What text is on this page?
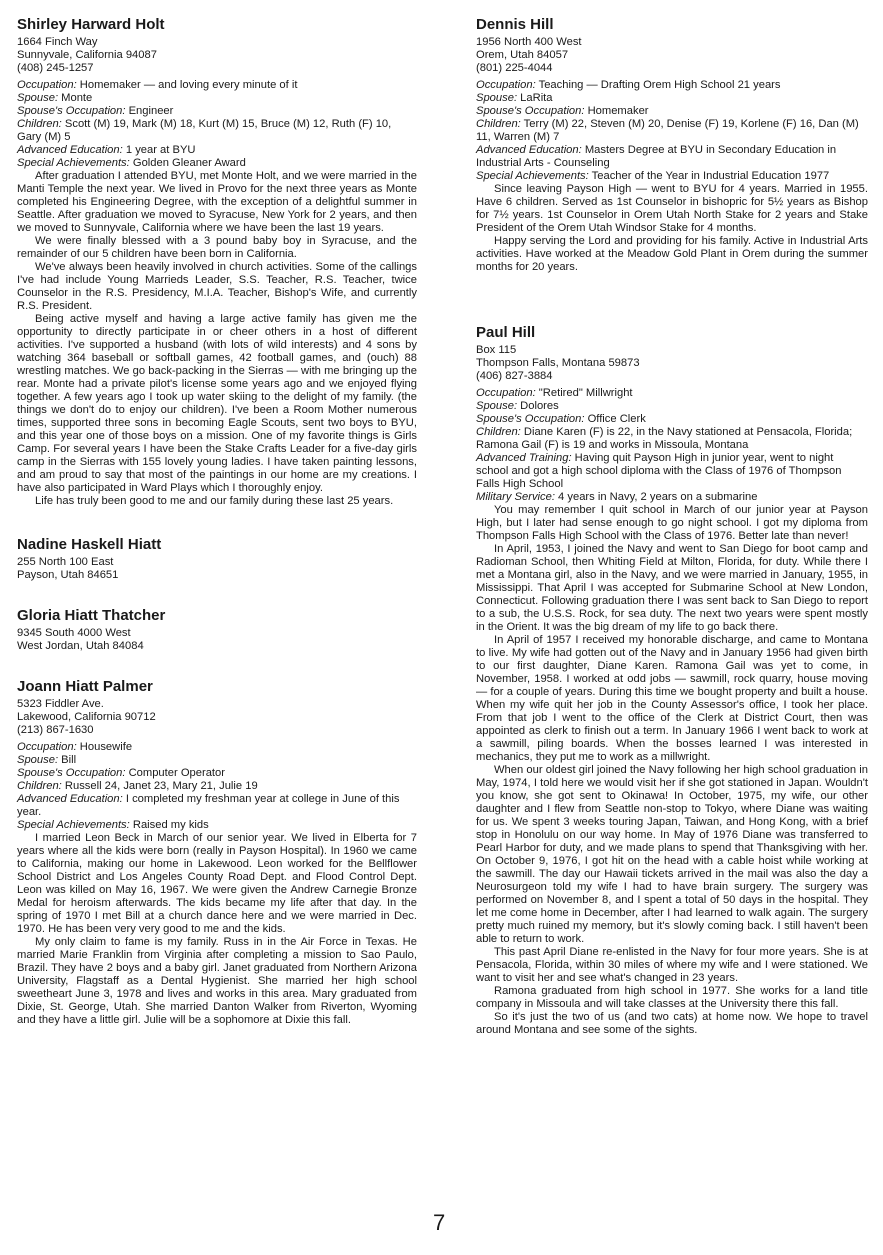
Shirley Harward Holt
1664 Finch Way
Sunnyvale, California 94087
(408) 245-1257
Occupation: Homemaker — and loving every minute of it
Spouse: Monte
Spouse's Occupation: Engineer
Children: Scott (M) 19, Mark (M) 18, Kurt (M) 15, Bruce (M) 12, Ruth (F) 10, Gary (M) 5
Advanced Education: 1 year at BYU
Special Achievements: Golden Gleaner Award

After graduation I attended BYU, met Monte Holt, and we were married in the Manti Temple the next year. We lived in Provo for the next three years as Monte completed his Engineering Degree, with the exception of a delightful summer in Seattle. After graduation we moved to Syracuse, New York for 2 years, and then we moved to Sunnyvale, California where we have been the last 19 years.

We were finally blessed with a 3 pound baby boy in Syracuse, and the remainder of our 5 children have been born in California.

We've always been heavily involved in church activities. Some of the callings I've had include Young Marrieds Leader, S.S. Teacher, R.S. Teacher, twice Counselor in the R.S. Presidency, M.I.A. Teacher, Bishop's Wife, and currently R.S. President.

Being active myself and having a large active family has given me the opportunity to directly participate in or cheer others in a host of different activities. I've supported a husband (with lots of wild interests) and 4 sons by watching 364 baseball or softball games, 42 football games, and (ouch) 88 wrestling matches. We go back-packing in the Sierras — with me bringing up the rear. Monte had a private pilot's license some years ago and we enjoyed flying together. A few years ago I took up water skiing to the delight of my family. (the things we don't do to enjoy our children). I've been a Room Mother numerous times, supported three sons in becoming Eagle Scouts, sent two boys to BYU, and this year one of those boys on a mission. One of my favorite things is Girls Camp. For several years I have been the Stake Crafts Leader for a five-day girls camp in the Sierras with 155 lovely young ladies. I have taken painting lessons, and am proud to say that most of the paintings in our home are my creations. I have also participated in Ward Plays which I thoroughly enjoy.

Life has truly been good to me and our family during these last 25 years.

Nadine Haskell Hiatt
255 North 100 East
Payson, Utah 84651
Gloria Hiatt Thatcher
9345 South 4000 West
West Jordan, Utah 84084
Joann Hiatt Palmer
5323 Fiddler Ave.
Lakewood, California 90712
(213) 867-1630
Occupation: Housewife
Spouse: Bill
Spouse's Occupation: Computer Operator
Children: Russell 24, Janet 23, Mary 21, Julie 19
Advanced Education: I completed my freshman year at college in June of this year.
Special Achievements: Raised my kids

I married Leon Beck in March of our senior year. We lived in Elberta for 7 years where all the kids were born (really in Payson Hospital). In 1960 we came to California, making our home in Lakewood. Leon worked for the Bellflower School District and Los Angeles County Road Dept. and Flood Control Dept. Leon was killed on May 16, 1967. We were given the Andrew Carnegie Bronze Medal for heroism afterwards. The kids became my life after that day. In the spring of 1970 I met Bill at a church dance here and we were married in Dec. 1970. He has been very very good to me and the kids.

My only claim to fame is my family. Russ in in the Air Force in Texas. He married Marie Franklin from Virginia after completing a mission to Sao Paulo, Brazil. They have 2 boys and a baby girl. Janet graduated from Northern Arizona University, Flagstaff as a Dental Hygienist. She married her high school sweetheart June 3, 1978 and lives and works in this area. Mary graduated from Dixie, St. George, Utah. She married Danton Walker from Riverton, Wyoming and they have a little girl. Julie will be a sophomore at Dixie this fall.

Dennis Hill
1956 North 400 West
Orem, Utah 84057
(801) 225-4044
Occupation: Teaching — Drafting Orem High School 21 years
Spouse: LaRita
Spouse's Occupation: Homemaker
Children: Terry (M) 22, Steven (M) 20, Denise (F) 19, Korlene (F) 16, Dan (M) 11, Warren (M) 7
Advanced Education: Masters Degree at BYU in Secondary Education in Industrial Arts - Counseling
Special Achievements: Teacher of the Year in Industrial Education 1977

Since leaving Payson High — went to BYU for 4 years. Married in 1955. Have 6 children. Served as 1st Counselor in bishopric for 5½ years as Bishop for 7½ years. 1st Counselor in Orem Utah North Stake for 2 years and Stake President of the Orem Utah Windsor Stake for 4 months.

Happy serving the Lord and providing for his family. Active in Industrial Arts activities. Have worked at the Meadow Gold Plant in Orem during the summer months for 20 years.

Paul Hill
Box 115
Thompson Falls, Montana 59873
(406) 827-3884
Occupation: "Retired" Millwright
Spouse: Dolores
Spouse's Occupation: Office Clerk
Children: Diane Karen (F) is 22, in the Navy stationed at Pensacola, Florida; Ramona Gail (F) is 19 and works in Missoula, Montana
Advanced Training: Having quit Payson High in junior year, went to night school and got a high school diploma with the Class of 1976 of Thompson Falls High School
Military Service: 4 years in Navy, 2 years on a submarine

You may remember I quit school in March of our junior year at Payson High, but I later had sense enough to go night school. I got my diploma from Thompson Falls High School with the Class of 1976. Better late than never!

In April, 1953, I joined the Navy and went to San Diego for boot camp and Radioman School, then Whiting Field at Milton, Florida, for duty. While there I met a Montana girl, also in the Navy, and we were married in January, 1955, in Mississippi. That April I was accepted for Submarine School at New London, Connecticut. Following graduation there I was sent back to San Diego to report to a sub, the U.S.S. Rock, for sea duty. The next two years were spent mostly in the Orient. It was the big dream of my life to go back there.

In April of 1957 I received my honorable discharge, and came to Montana to live. My wife had gotten out of the Navy and in January 1956 had given birth to our first daughter, Diane Karen. Ramona Gail was yet to come, in November, 1958. I worked at odd jobs — sawmill, rock quarry, house moving — for a couple of years. During this time we bought property and built a house. When my wife quit her job in the County Assessor's office, I took her place. From that job I went to the office of the Clerk at District Court, then was appointed as clerk to finish out a term. In January 1966 I went back to work at a sawmill, piling boards. When the bosses learned I was interested in mechanics, they put me to work as a millwright.

When our oldest girl joined the Navy following her high school graduation in May, 1974, I told here we would visit her if she got stationed in Japan. Wouldn't you know, she got sent to Okinawa! In October, 1975, my wife, our other daughter and I flew from Seattle non-stop to Tokyo, where Diane was waiting for us. We spent 3 weeks touring Japan, Taiwan, and Hong Kong, with a brief stop in Honolulu on our way home. In May of 1976 Diane was transferred to Pearl Harbor for duty, and we made plans to spend that Thanksgiving with her. On October 9, 1976, I got hit on the head with a cable hoist while working at the sawmill. The day our Hawaii tickets arrived in the mail was also the day a Neurosurgeon told my wife I had to have brain surgery. The surgery was performed on November 8, and I spent a total of 50 days in the hospital. They let me come home in December, after I had learned to walk again. The surgery pretty much ruined my memory, but it's slowly coming back. I still haven't been able to return to work.

This past April Diane re-enlisted in the Navy for four more years. She is at Pensacola, Florida, within 30 miles of where my wife and I were stationed. We want to visit her and see what's changed in 23 years.

Ramona graduated from high school in 1977. She works for a land title company in Missoula and will take classes at the University there this fall.

So it's just the two of us (and two cats) at home now. We hope to travel around Montana and see some of the sights.

7
